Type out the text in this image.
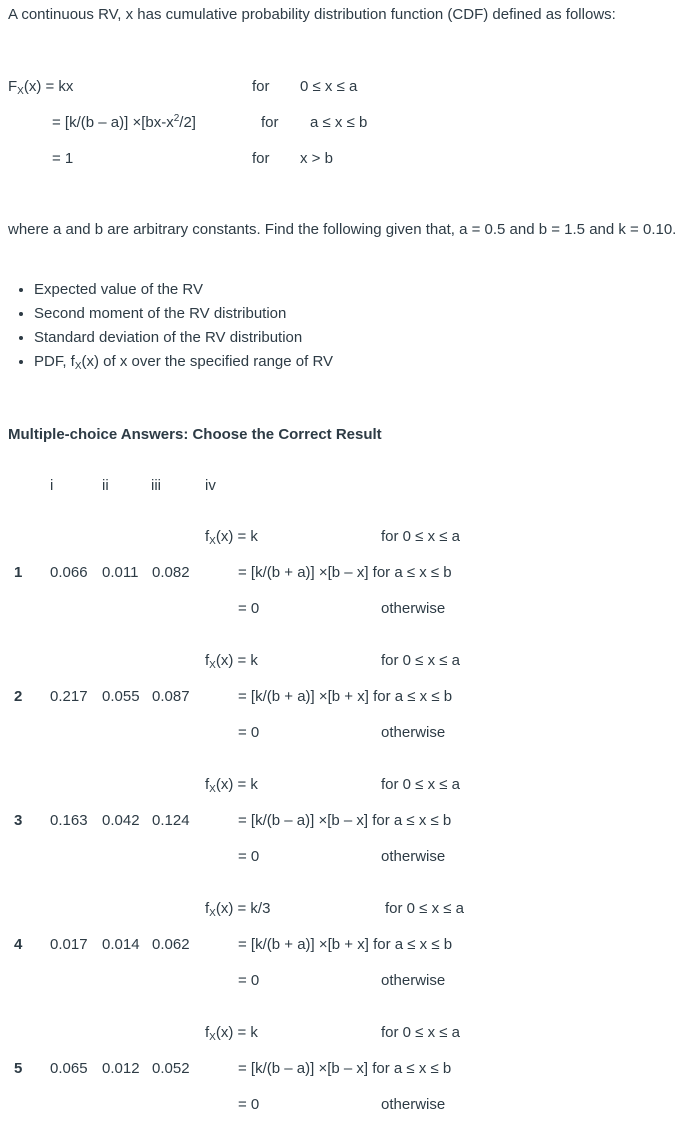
A continuous RV, x has cumulative probability distribution function (CDF) defined as follows:
$F_X(x)$ = kx	for 0 ≤ x ≤ a
= $[k/(b - a)] \times[bx-x^2/2]$	for a ≤ x ≤ b
= 1	for x > b
where a and b are arbitrary constants. Find the following given that, a = 0.5 and b = 1.5 and k = 0.10.
• Expected value of the RV
• Second moment of the RV distribution
• Standard deviation of the RV distribution
• PDF, $f_X(x)$ of x over the specified range of RV
Multiple-choice Answers: Choose the Correct Result
i	ii	iii	iv
1 0.066 0.011 0.082
$f_X(x) = k$	for 0 ≤ x ≤ a
= [k/(b + a)] ×[b – x] for a ≤ x ≤ b
= 0	otherwise
2 0.217 0.055 0.087
$f_X(x) = k$	for 0 ≤ x ≤ a
= [k/(b + a)] ×[b + x] for a ≤ x ≤ b
= 0	otherwise
3 0.163 0.042 0.124
$f_X(x) = k$	for 0 ≤ x ≤ a
= [k/(b – a)] ×[b – x] for a ≤ x ≤ b
= 0	otherwise
4 0.017 0.014 0.062
$f_X(x) = k/3$	for 0 ≤ x ≤ a
= [k/(b + a)] ×[b + x] for a ≤ x ≤ b
= 0	otherwise
5 0.065 0.012 0.052
$f_X(x) = k$	for 0 ≤ x ≤ a
= [k/(b – a)] ×[b – x] for a ≤ x ≤ b
= 0	otherwise
